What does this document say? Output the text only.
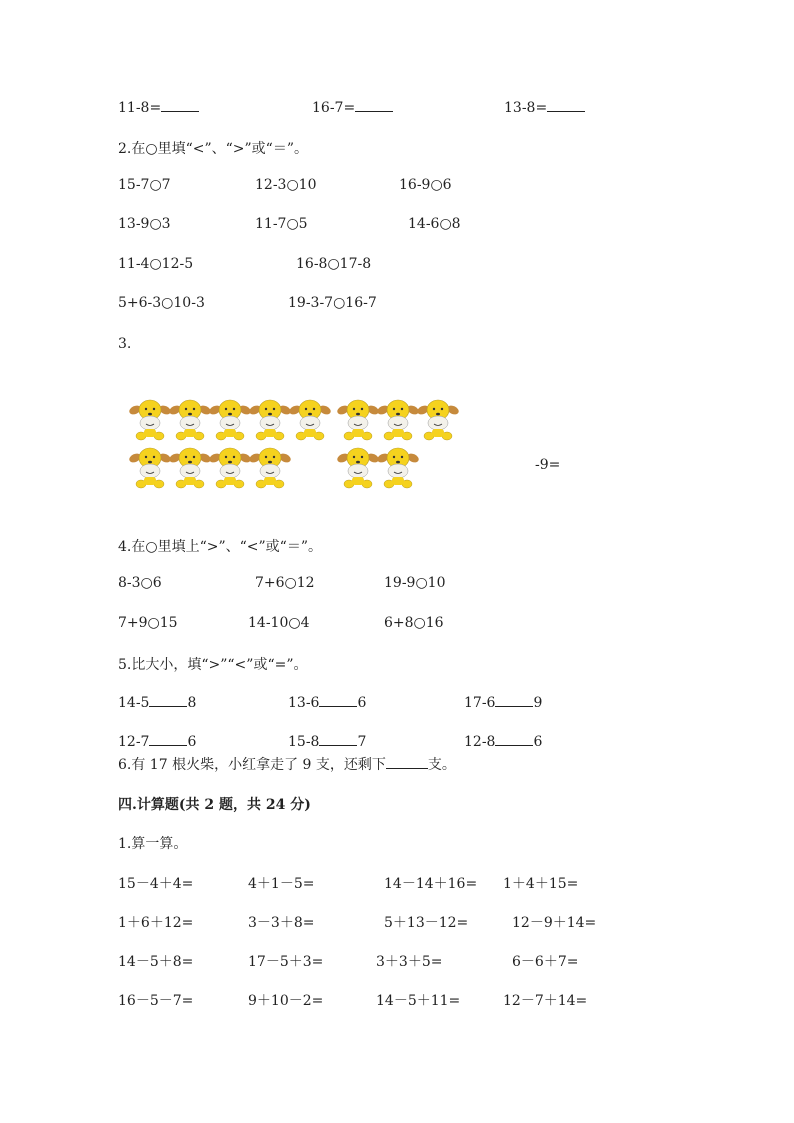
11-8=	16-7=	13-8=
2.在○里填“<”、“>”或“＝”。
15-7○7	12-3○10	16-9○6
13-9○3	11-7○5	14-6○8
11-4○12-5	16-8○17-8
5+6-3○10-3	19-3-7○16-7
3.
-9=
4.在○里填上“>”、“<”或“＝”。
8-3○6	7+6○12	19-9○10
7+9○15	14-10○4	6+8○16
5.比大小，填“>”“<”或“=”。
14-5	8	13-6	6	17-6	9
12-7	6	15-8	7	12-8	6
6.有 17 根火柴，小红拿走了 9 支，还剩下	支。
四.计算题(共 2 题，共 24 分)
1.算一算。
15－4＋4=	4＋1－5=	14－14＋16= 1＋4＋15=
1＋6＋12=	3－3＋8=	5＋13－12=	12－9＋14=
14－5＋8=	17－5＋3=	3＋3＋5=	6－6＋7=
16－5－7=	9＋10－2=	14－5＋11=	12－7＋14=
